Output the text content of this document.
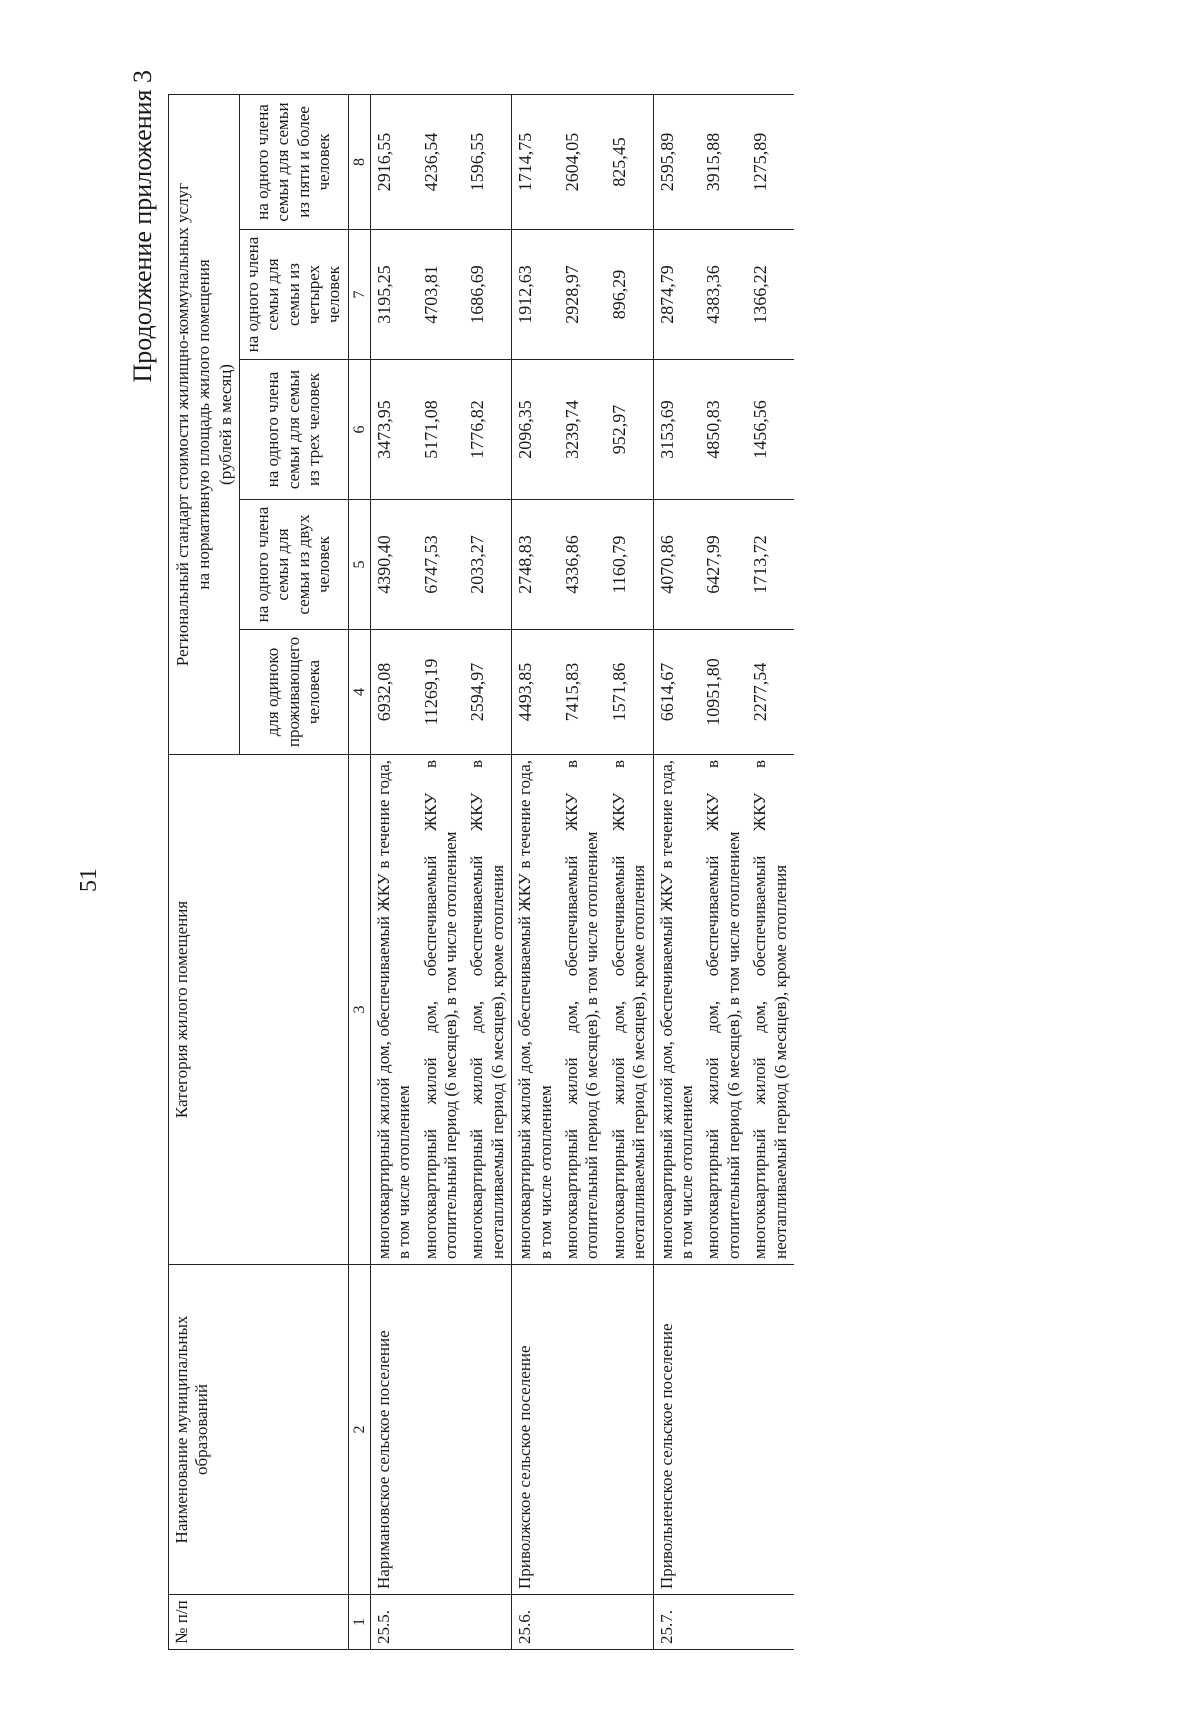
51
Продолжение приложения 3
№ п/п	Наименование муниципальных образований	Категория жилого помещения	Региональный стандарт стоимости жилищно-коммунальных услуг на нормативную площадь жилого помещения (рублей в месяц)				

			для одиноко проживающего человека	на одного члена семьи для семьи из двух человек	на одного члена семьи для семьи из трех человек	на одного члена семьи для семьи из четырех человек	на одного члена семьи для семьи из пяти и более человек
1	2	3	4	5	6	7	8
25.5.	Наримановское сельское поселение	многоквартирный жилой дом, обеспечиваемый ЖКУ в течение года, в том числе отоплением	6932,08	4390,40	3473,95	3195,25	2916,55
		многоквартирный жилой дом, обеспечиваемый ЖКУ в отопительный период (6 месяцев), в том числе отоплением	11269,19	6747,53	5171,08	4703,81	4236,54
		многоквартирный жилой дом, обеспечиваемый ЖКУ в неотапливаемый период (6 месяцев), кроме отопления	2594,97	2033,27	1776,82	1686,69	1596,55
25.6.	Приволжское сельское поселение	многоквартирный жилой дом, обеспечиваемый ЖКУ в течение года, в том числе отоплением	4493,85	2748,83	2096,35	1912,63	1714,75
		многоквартирный жилой дом, обеспечиваемый ЖКУ в отопительный период (6 месяцев), в том числе отоплением	7415,83	4336,86	3239,74	2928,97	2604,05
		многоквартирный жилой дом, обеспечиваемый ЖКУ в неотапливаемый период (6 месяцев), кроме отопления	1571,86	1160,79	952,97	896,29	825,45
25.7.	Привольненское сельское поселение	многоквартирный жилой дом, обеспечиваемый ЖКУ в течение года, в том числе отоплением	6614,67	4070,86	3153,69	2874,79	2595,89
		многоквартирный жилой дом, обеспечиваемый ЖКУ в отопительный период (6 месяцев), в том числе отоплением	10951,80	6427,99	4850,83	4383,36	3915,88
		многоквартирный жилой дом, обеспечиваемый ЖКУ в неотапливаемый период (6 месяцев), кроме отопления	2277,54	1713,72	1456,56	1366,22	1275,89
